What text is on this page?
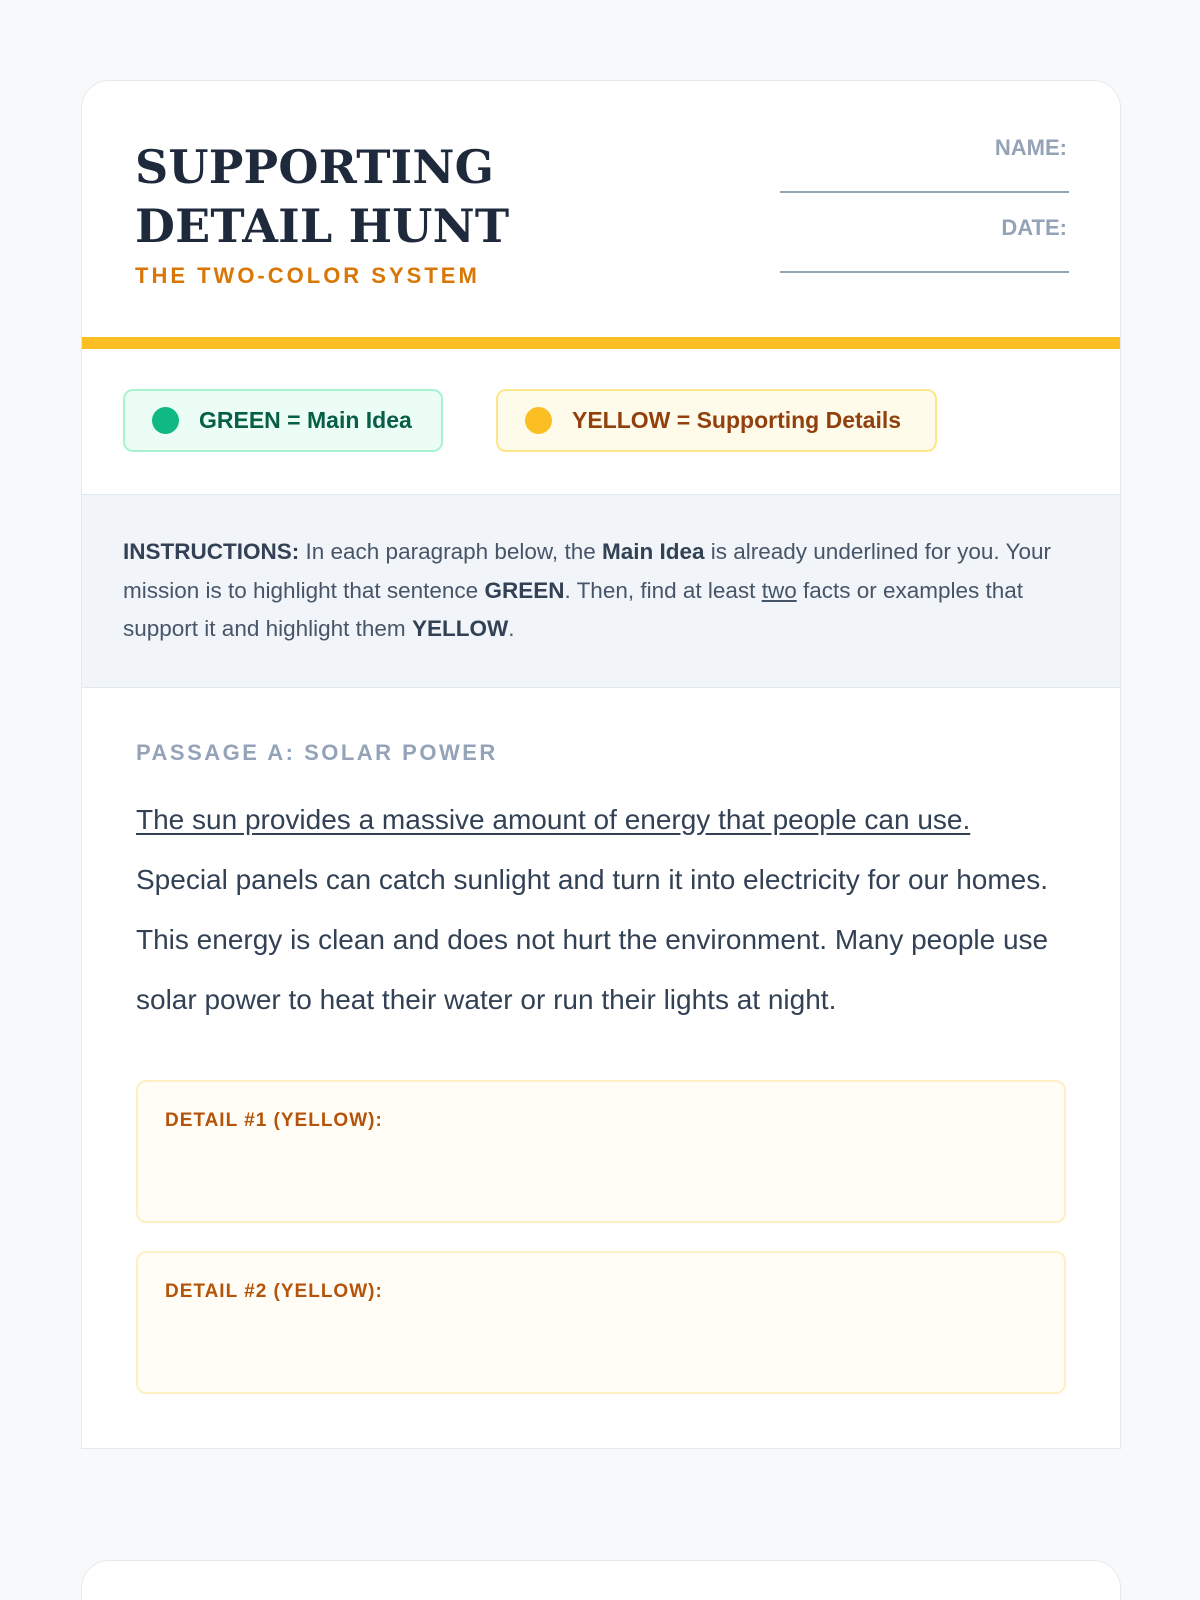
SUPPORTING DETAIL HUNT
THE TWO-COLOR SYSTEM
NAME:
DATE:
GREEN = Main Idea	YELLOW = Supporting Details
INSTRUCTIONS: In each paragraph below, the Main Idea is already underlined for you. Your mission is to highlight that sentence GREEN. Then, find at least two facts or examples that support it and highlight them YELLOW.
PASSAGE A: SOLAR POWER

The sun provides a massive amount of energy that people can use. Special panels can catch sunlight and turn it into electricity for our homes. This energy is clean and does not hurt the environment. Many people use solar power to heat their water or run their lights at night.

DETAIL #1 (YELLOW):
DETAIL #2 (YELLOW):
